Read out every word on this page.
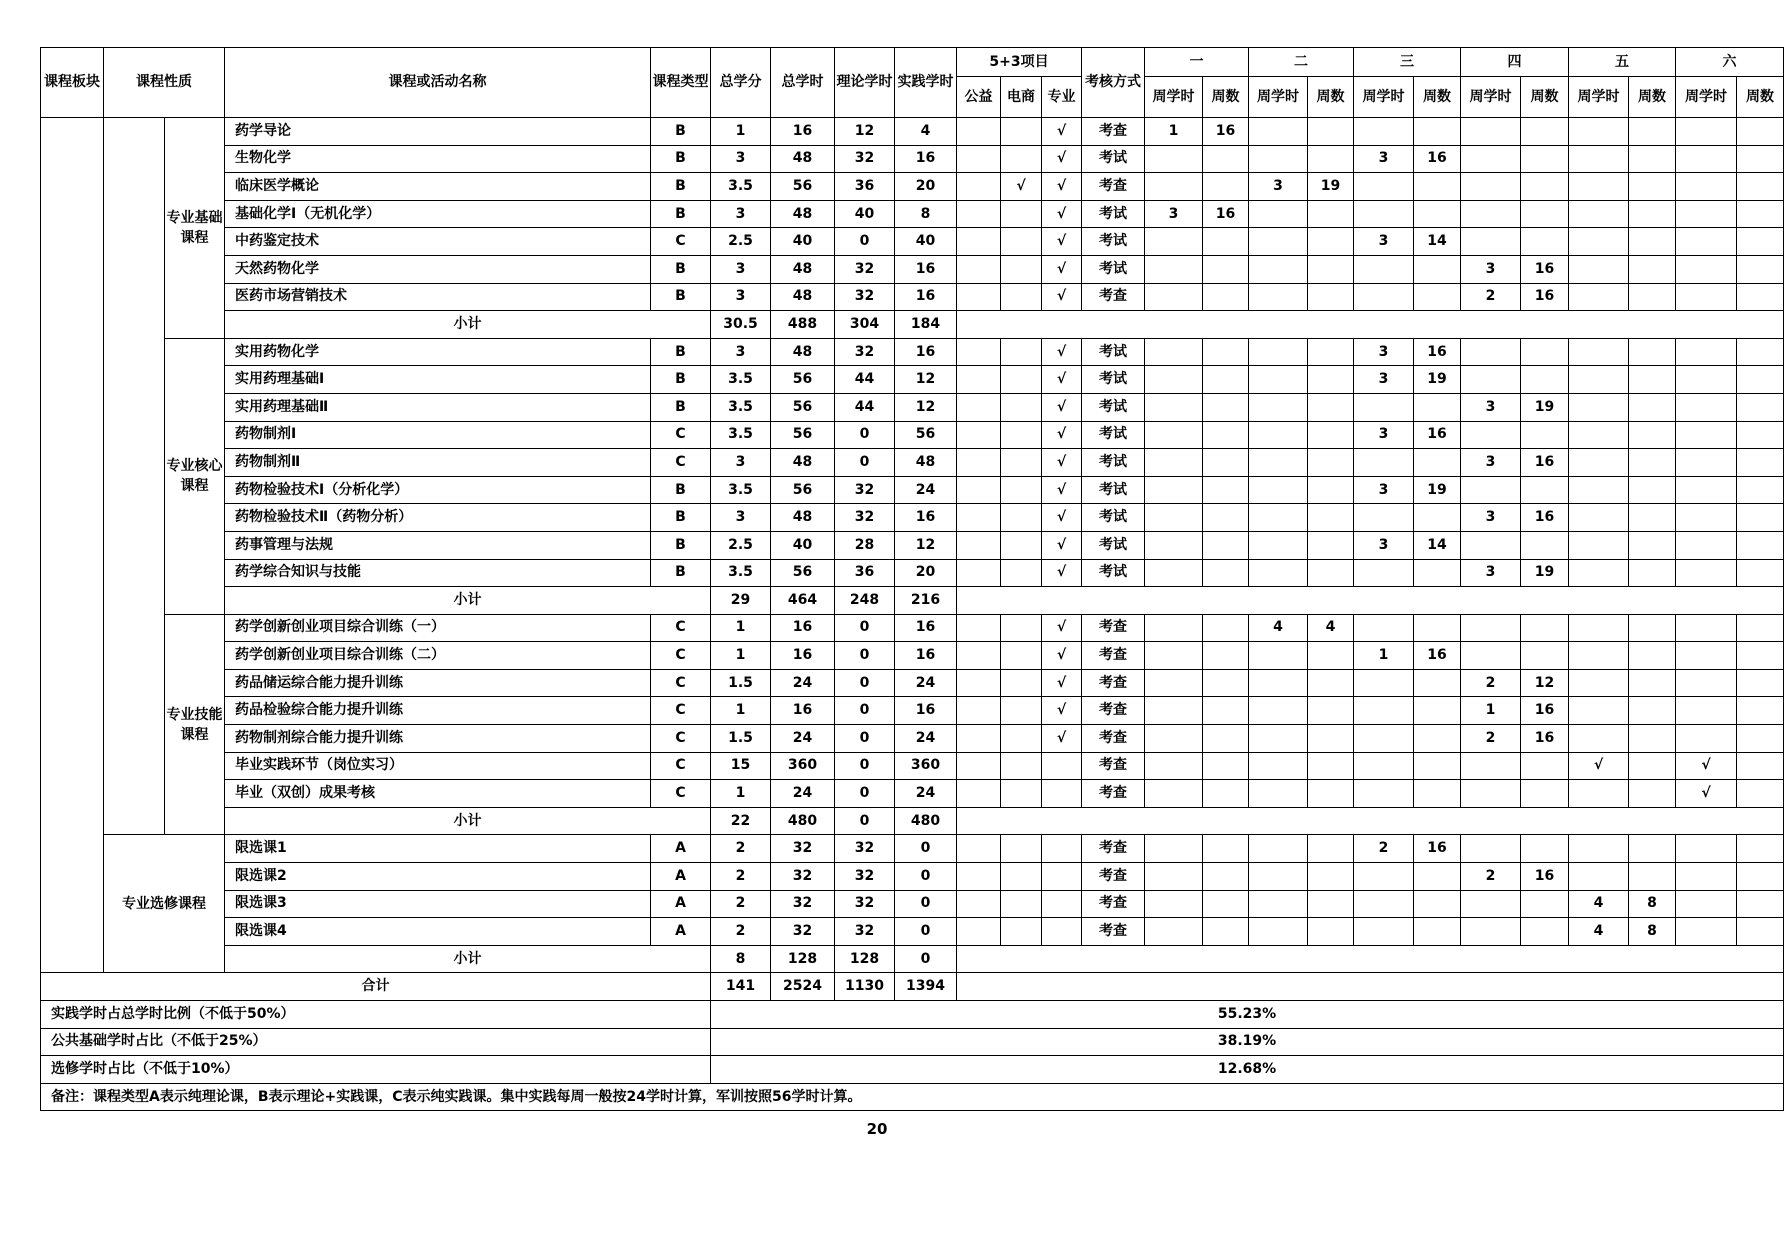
课程板块	课程性质		课程或活动名称	课程类型	总学分	总学时	理论学时	实践学时	5+3项目			考核方式	一		二		三		四		五		六	
									公益	电商	专业		周学时	周数	周学时	周数	周学时	周数	周学时	周数	周学时	周数	周学时	周数
		专业基础课程	药学导论	B	1	16	12	4			√	考查	1	16										
			生物化学	B	3	48	32	16			√	考试					3	16						
			临床医学概论	B	3.5	56	36	20		√	√	考查			3	19								
			基础化学I（无机化学）	B	3	48	40	8			√	考试	3	16										
			中药鉴定技术	C	2.5	40	0	40			√	考试					3	14						
			天然药物化学	B	3	48	32	16			√	考试							3	16				
			医药市场营销技术	B	3	48	32	16			√	考查							2	16				
			小计		30.5	488	304	184																
		专业核心课程	实用药物化学	B	3	48	32	16			√	考试					3	16						
			实用药理基础I	B	3.5	56	44	12			√	考试					3	19						
			实用药理基础Ⅱ	B	3.5	56	44	12			√	考试							3	19				
			药物制剂I	C	3.5	56	0	56			√	考试					3	16						
			药物制剂Ⅱ	C	3	48	0	48			√	考试							3	16				
			药物检验技术I（分析化学）	B	3.5	56	32	24			√	考试					3	19						
			药物检验技术Ⅱ（药物分析）	B	3	48	32	16			√	考试							3	16				
			药事管理与法规	B	2.5	40	28	12			√	考试					3	14						
			药学综合知识与技能	B	3.5	56	36	20			√	考试							3	19				
			小计		29	464	248	216																
		专业技能课程	药学创新创业项目综合训练（一）	C	1	16	0	16			√	考查			4	4								
			药学创新创业项目综合训练（二）	C	1	16	0	16			√	考查					1	16						
			药品储运综合能力提升训练	C	1.5	24	0	24			√	考查							2	12				
			药品检验综合能力提升训练	C	1	16	0	16			√	考查							1	16				
			药物制剂综合能力提升训练	C	1.5	24	0	24			√	考查							2	16				
			毕业实践环节（岗位实习）	C	15	360	0	360				考查									√		√	
			毕业（双创）成果考核	C	1	24	0	24				考查											√	
			小计		22	480	0	480																
	专业选修课程		限选课1	A	2	32	32	0				考查					2	16						
			限选课2	A	2	32	32	0				考查							2	16				
			限选课3	A	2	32	32	0				考查									4	8		
			限选课4	A	2	32	32	0				考查									4	8		
			小计		8	128	128	0																
合计					141	2524	1130	1394																
实践学时占总学时比例（不低于50%）					55.23%																			
公共基础学时占比（不低于25%）					38.19%																			
选修学时占比（不低于10%）					12.68%																			
备注：课程类型A表示纯理论课，B表示理论+实践课，C表示纯实践课。集中实践每周一般按24学时计算，军训按照56学时计算。																								
20
